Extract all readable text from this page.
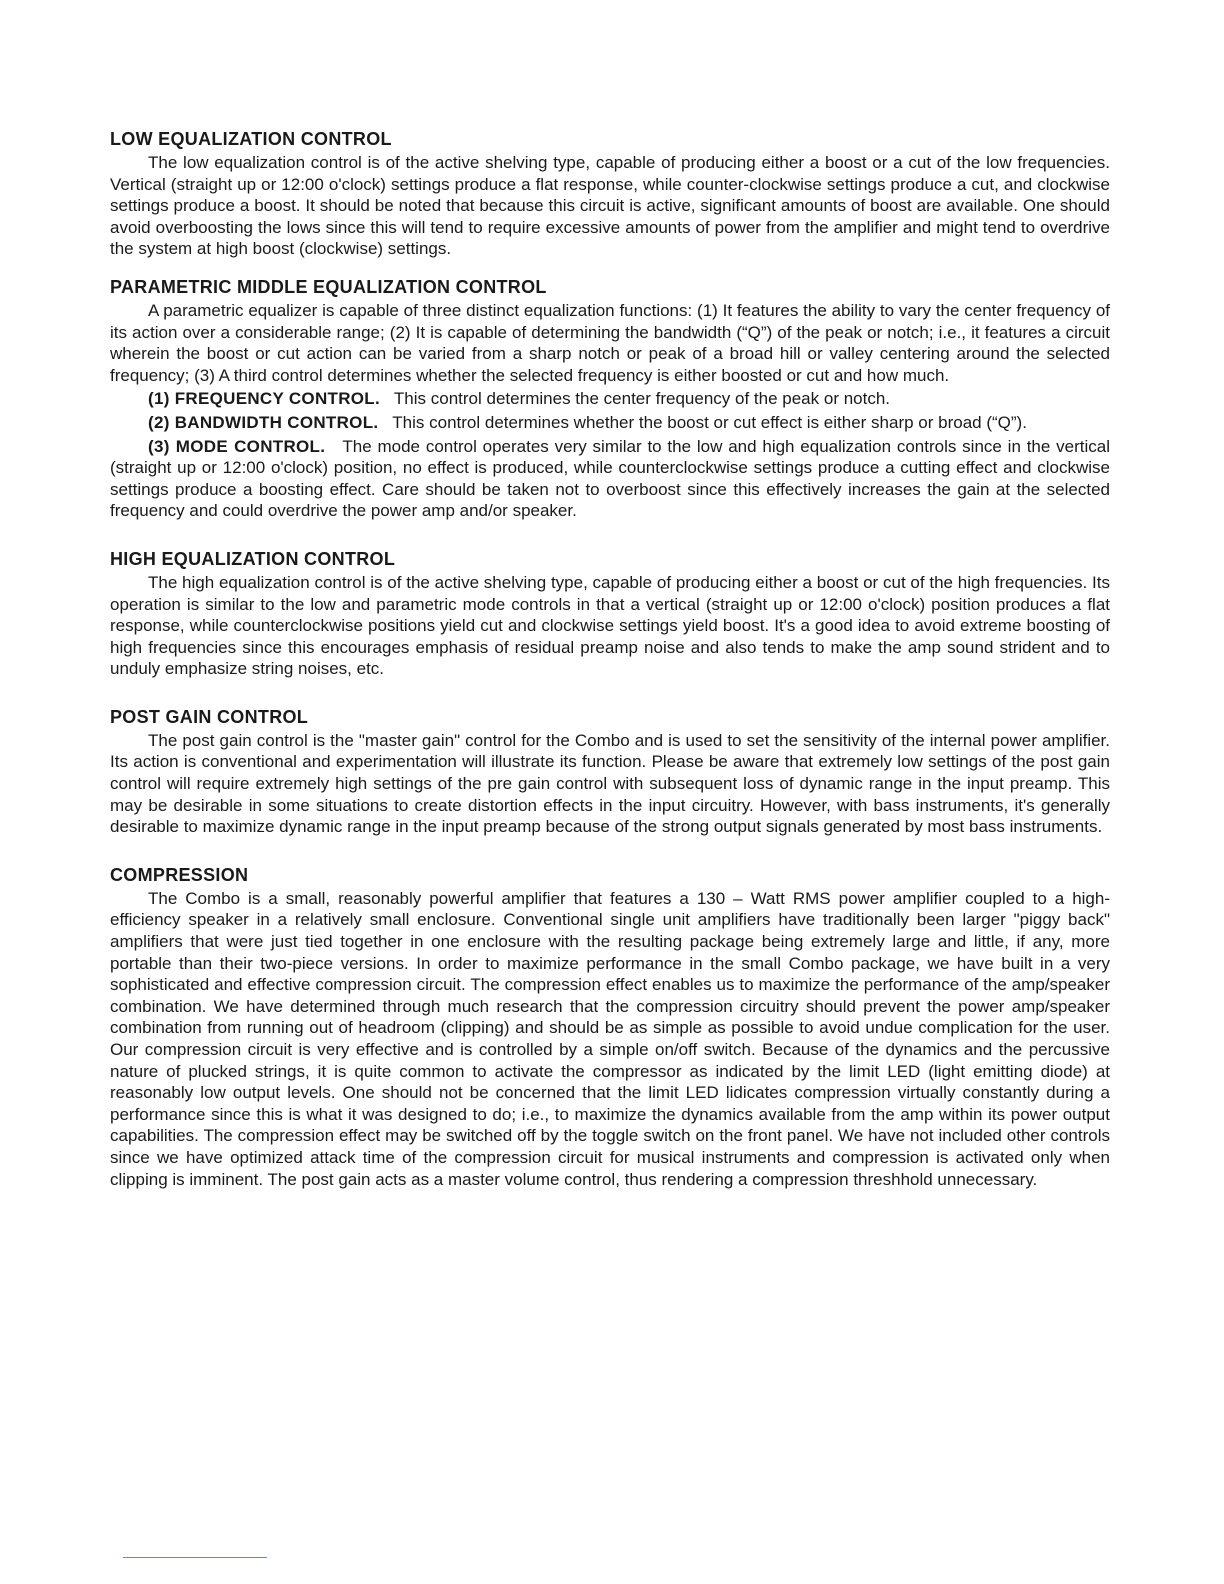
LOW EQUALIZATION CONTROL

The low equalization control is of the active shelving type, capable of producing either a boost or a cut of the low frequencies. Vertical (straight up or 12:00 o'clock) settings produce a flat response, while counter-clockwise settings produce a cut, and clockwise settings produce a boost. It should be noted that because this circuit is active, significant amounts of boost are available. One should avoid overboosting the lows since this will tend to require excessive amounts of power from the amplifier and might tend to overdrive the system at high boost (clockwise) settings.

PARAMETRIC MIDDLE EQUALIZATION CONTROL

A parametric equalizer is capable of three distinct equalization functions: (1) It features the ability to vary the center frequency of its action over a considerable range; (2) It is capable of determining the bandwidth (“Q”) of the peak or notch; i.e., it features a circuit wherein the boost or cut action can be varied from a sharp notch or peak of a broad hill or valley centering around the selected frequency; (3) A third control determines whether the selected frequency is either boosted or cut and how much.

(1) FREQUENCY CONTROL. This control determines the center frequency of the peak or notch.

(2) BANDWIDTH CONTROL. This control determines whether the boost or cut effect is either sharp or broad (“Q”).

(3) MODE CONTROL. The mode control operates very similar to the low and high equalization controls since in the vertical (straight up or 12:00 o'clock) position, no effect is produced, while counterclockwise settings produce a cutting effect and clockwise settings produce a boosting effect. Care should be taken not to overboost since this effectively increases the gain at the selected frequency and could overdrive the power amp and/or speaker.

HIGH EQUALIZATION CONTROL

The high equalization control is of the active shelving type, capable of producing either a boost or cut of the high frequencies. Its operation is similar to the low and parametric mode controls in that a vertical (straight up or 12:00 o'clock) position produces a flat response, while counterclockwise positions yield cut and clockwise settings yield boost. It's a good idea to avoid extreme boosting of high frequencies since this encourages emphasis of residual preamp noise and also tends to make the amp sound strident and to unduly emphasize string noises, etc.

POST GAIN CONTROL

The post gain control is the "master gain" control for the Combo and is used to set the sensitivity of the internal power amplifier. Its action is conventional and experimentation will illustrate its function. Please be aware that extremely low settings of the post gain control will require extremely high settings of the pre gain control with subsequent loss of dynamic range in the input preamp. This may be desirable in some situations to create distortion effects in the input circuitry. However, with bass instruments, it's generally desirable to maximize dynamic range in the input preamp because of the strong output signals generated by most bass instruments.

COMPRESSION

The Combo is a small, reasonably powerful amplifier that features a 130 – Watt RMS power amplifier coupled to a high-efficiency speaker in a relatively small enclosure. Conventional single unit amplifiers have traditionally been larger "piggy back" amplifiers that were just tied together in one enclosure with the resulting package being extremely large and little, if any, more portable than their two-piece versions. In order to maximize performance in the small Combo package, we have built in a very sophisticated and effective compression circuit. The compression effect enables us to maximize the performance of the amp/speaker combination. We have determined through much research that the compression circuitry should prevent the power amp/speaker combination from running out of headroom (clipping) and should be as simple as possible to avoid undue complication for the user. Our compression circuit is very effective and is controlled by a simple on/off switch. Because of the dynamics and the percussive nature of plucked strings, it is quite common to activate the compressor as indicated by the limit LED (light emitting diode) at reasonably low output levels. One should not be concerned that the limit LED lidicates compression virtually constantly during a performance since this is what it was designed to do; i.e., to maximize the dynamics available from the amp within its power output capabilities. The compression effect may be switched off by the toggle switch on the front panel. We have not included other controls since we have optimized attack time of the compression circuit for musical instruments and compression is activated only when clipping is imminent. The post gain acts as a master volume control, thus rendering a compression threshhold unnecessary.
